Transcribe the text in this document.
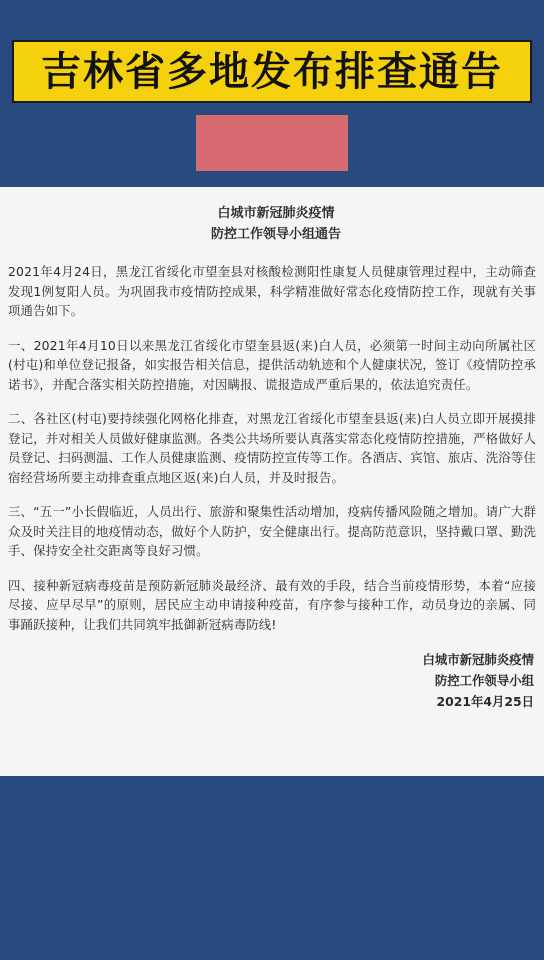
吉林省多地发布排查通告
白城市新冠肺炎疫情
防控工作领导小组通告

2021年4月24日，黑龙江省绥化市望奎县对核酸检测阳性康复人员健康管理过程中，主动筛查发现1例复阳人员。为巩固我市疫情防控成果，科学精准做好常态化疫情防控工作，现就有关事项通告如下。

一、2021年4月10日以来黑龙江省绥化市望奎县返(来)白人员，必须第一时间主动向所属社区(村屯)和单位登记报备，如实报告相关信息，提供活动轨迹和个人健康状况，签订《疫情防控承诺书》，并配合落实相关防控措施，对因瞒报、谎报造成严重后果的，依法追究责任。

二、各社区(村屯)要持续强化网格化排查，对黑龙江省绥化市望奎县返(来)白人员立即开展摸排登记，并对相关人员做好健康监测。各类公共场所要认真落实常态化疫情防控措施，严格做好人员登记、扫码测温、工作人员健康监测、疫情防控宣传等工作。各酒店、宾馆、旅店、洗浴等住宿经营场所要主动排查重点地区返(来)白人员，并及时报告。

三、“五一”小长假临近，人员出行、旅游和聚集性活动增加，疫病传播风险随之增加。请广大群众及时关注目的地疫情动态，做好个人防护，安全健康出行。提高防范意识，坚持戴口罩、勤洗手、保持安全社交距离等良好习惯。

四、接种新冠病毒疫苗是预防新冠肺炎最经济、最有效的手段，结合当前疫情形势，本着“应接尽接、应早尽早”的原则，居民应主动申请接种疫苗，有序参与接种工作，动员身边的亲属、同事踊跃接种，让我们共同筑牢抵御新冠病毒防线!

白城市新冠肺炎疫情
防控工作领导小组
2021年4月25日
